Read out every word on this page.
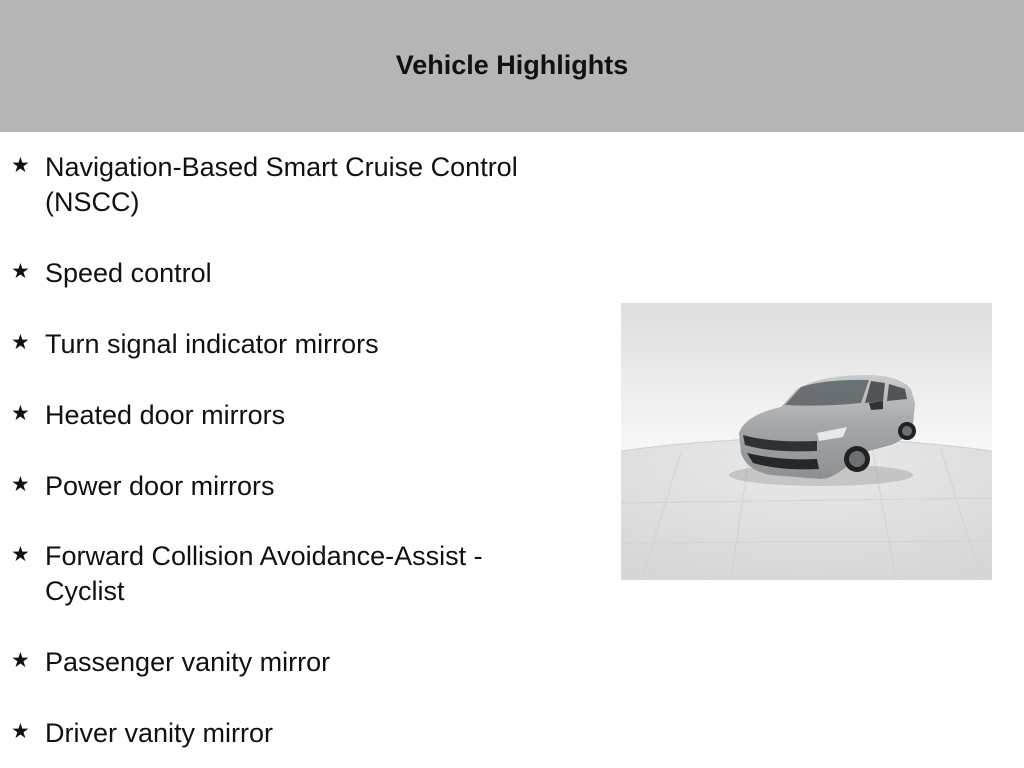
Vehicle Highlights
★ Navigation-Based Smart Cruise Control (NSCC)
★ Speed control
★ Turn signal indicator mirrors
★ Heated door mirrors
★ Power door mirrors
★ Forward Collision Avoidance-Assist - Cyclist
★ Passenger vanity mirror
★ Driver vanity mirror
